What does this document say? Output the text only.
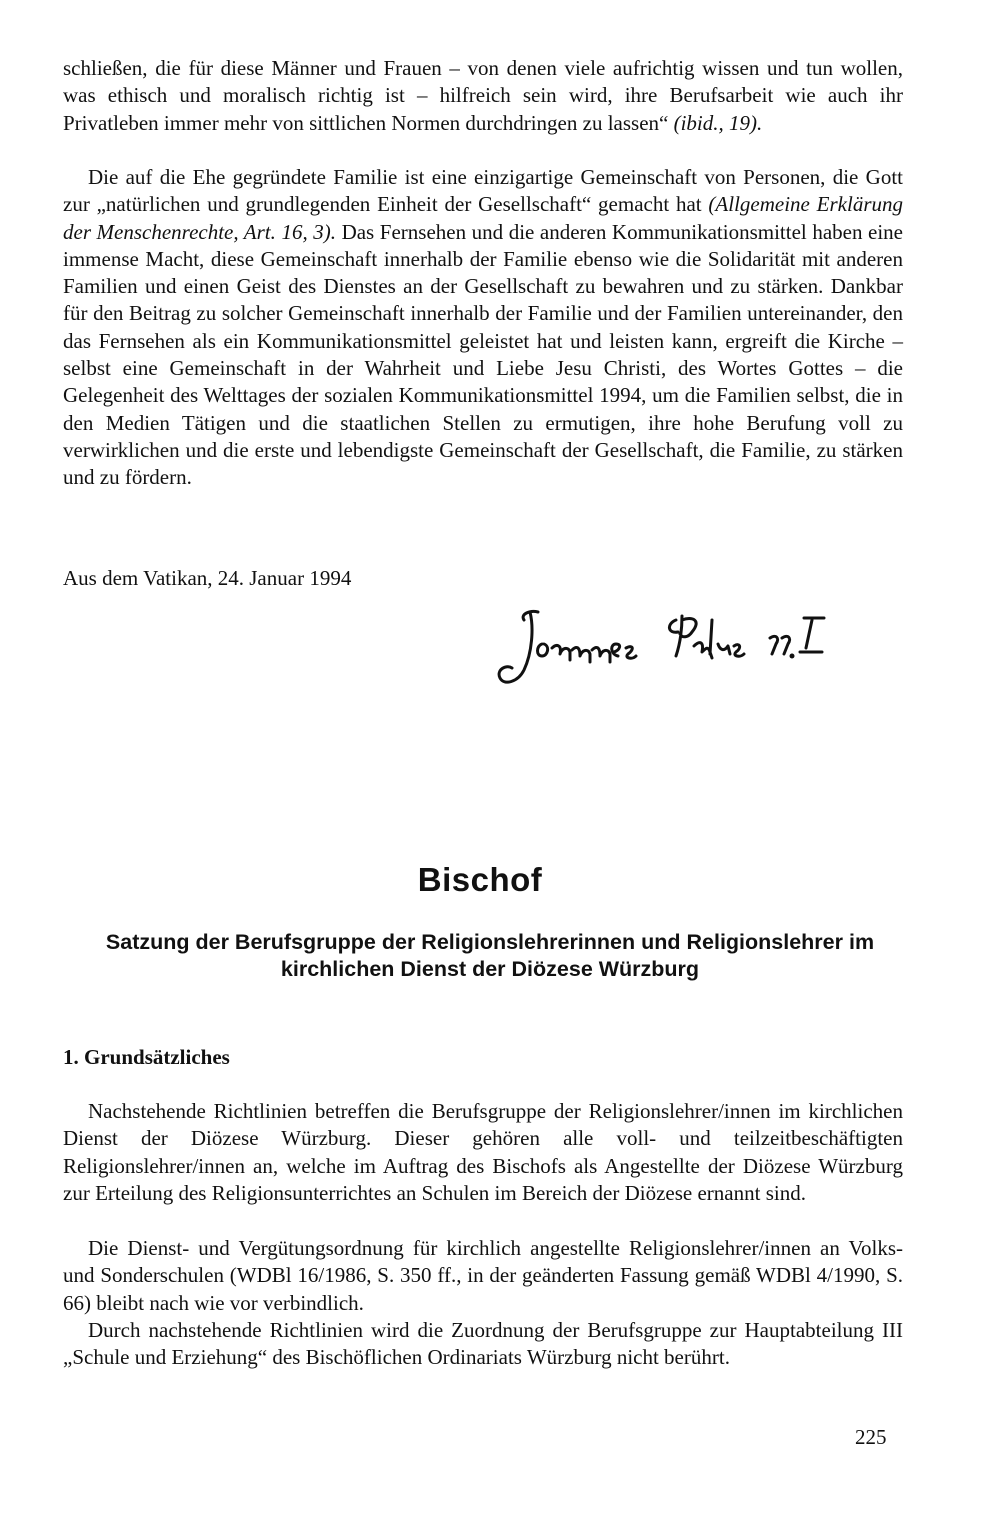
schließen, die für diese Männer und Frauen – von denen viele aufrichtig wissen und tun wollen, was ethisch und moralisch richtig ist – hilfreich sein wird, ihre Berufsarbeit wie auch ihr Privatleben immer mehr von sittlichen Normen durchdringen zu lassen“ (ibid., 19).

Die auf die Ehe gegründete Familie ist eine einzigartige Gemeinschaft von Personen, die Gott zur „natürlichen und grundlegenden Einheit der Gesellschaft“ gemacht hat (Allgemeine Erklärung der Menschenrechte, Art. 16, 3). Das Fernsehen und die anderen Kommunikationsmittel haben eine immense Macht, diese Gemeinschaft innerhalb der Familie ebenso wie die Solidarität mit anderen Familien und einen Geist des Dienstes an der Gesellschaft zu bewahren und zu stärken. Dankbar für den Beitrag zu solcher Gemeinschaft innerhalb der Familie und der Familien untereinander, den das Fernsehen als ein Kommunikationsmittel geleistet hat und leisten kann, ergreift die Kirche – selbst eine Gemeinschaft in der Wahrheit und Liebe Jesu Christi, des Wortes Gottes – die Gelegenheit des Welttages der sozialen Kommunikationsmittel 1994, um die Familien selbst, die in den Medien Tätigen und die staatlichen Stellen zu ermutigen, ihre hohe Berufung voll zu verwirklichen und die erste und lebendigste Gemeinschaft der Gesellschaft, die Familie, zu stärken und zu fördern.

Aus dem Vatikan, 24. Januar 1994

Bischof
Satzung der Berufsgruppe der Religionslehrerinnen und Religionslehrer im kirchlichen Dienst der Diözese Würzburg
1. Grundsätzliches

Nachstehende Richtlinien betreffen die Berufsgruppe der Religionslehrer/innen im kirchlichen Dienst der Diözese Würzburg. Dieser gehören alle voll- und teilzeitbeschäftigten Religionslehrer/innen an, welche im Auftrag des Bischofs als Angestellte der Diözese Würzburg zur Erteilung des Religionsunterrichtes an Schulen im Bereich der Diözese ernannt sind.

Die Dienst- und Vergütungsordnung für kirchlich angestellte Religionslehrer/innen an Volks- und Sonderschulen (WDBl 16/1986, S. 350 ff., in der geänderten Fassung gemäß WDBl 4/1990, S. 66) bleibt nach wie vor verbindlich.

Durch nachstehende Richtlinien wird die Zuordnung der Berufsgruppe zur Hauptabteilung III „Schule und Erziehung“ des Bischöflichen Ordinariats Würzburg nicht berührt.

225
